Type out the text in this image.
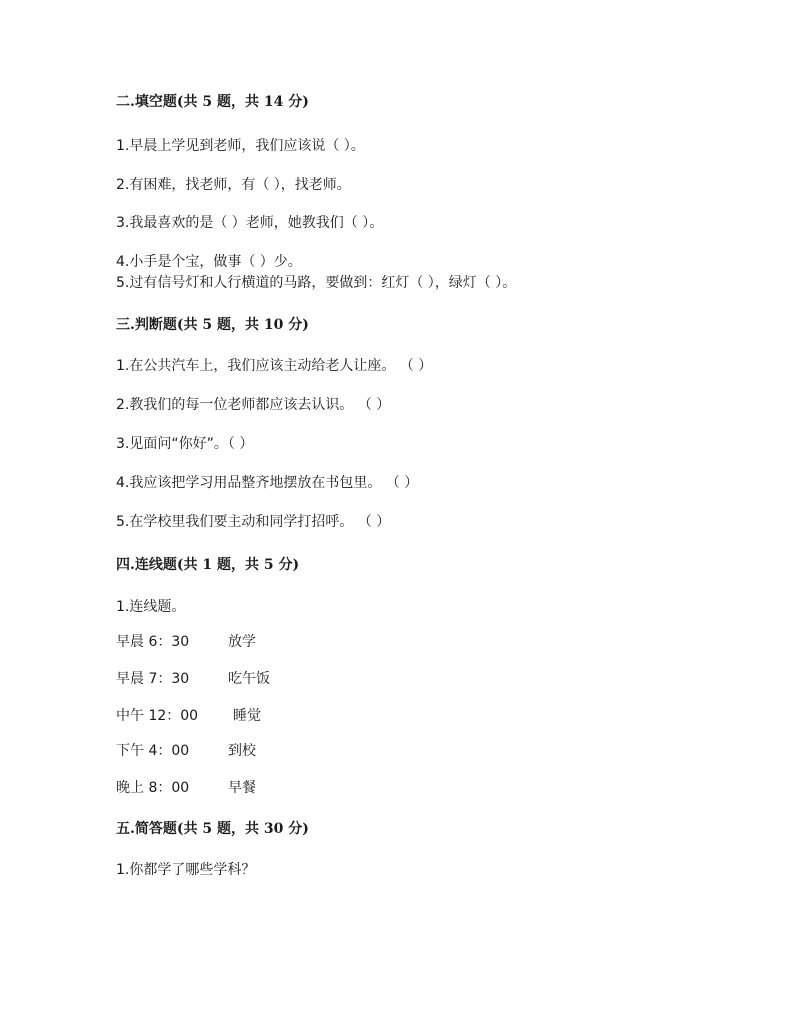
二.填空题(共 5 题，共 14 分)
1.早晨上学见到老师，我们应该说（ ）。
2.有困难，找老师，有（ ），找老师。
3.我最喜欢的是（ ）老师，她教我们（ ）。
4.小手是个宝，做事（ ）少。
5.过有信号灯和人行横道的马路，要做到：红灯（ ），绿灯（ ）。
三.判断题(共 5 题，共 10 分)
1.在公共汽车上，我们应该主动给老人让座。 （ ）
2.教我们的每一位老师都应该去认识。 （ ）
3.见面问“你好”。（ ）
4.我应该把学习用品整齐地摆放在书包里。 （ ）
5.在学校里我们要主动和同学打招呼。 （ ）
四.连线题(共 1 题，共 5 分)
1.连线题。
早晨 6：30	放学
早晨 7：30	吃午饭
中午 12：00 睡觉
下午 4：00	到校
晚上 8：00	早餐
五.简答题(共 5 题，共 30 分)
1.你都学了哪些学科？
